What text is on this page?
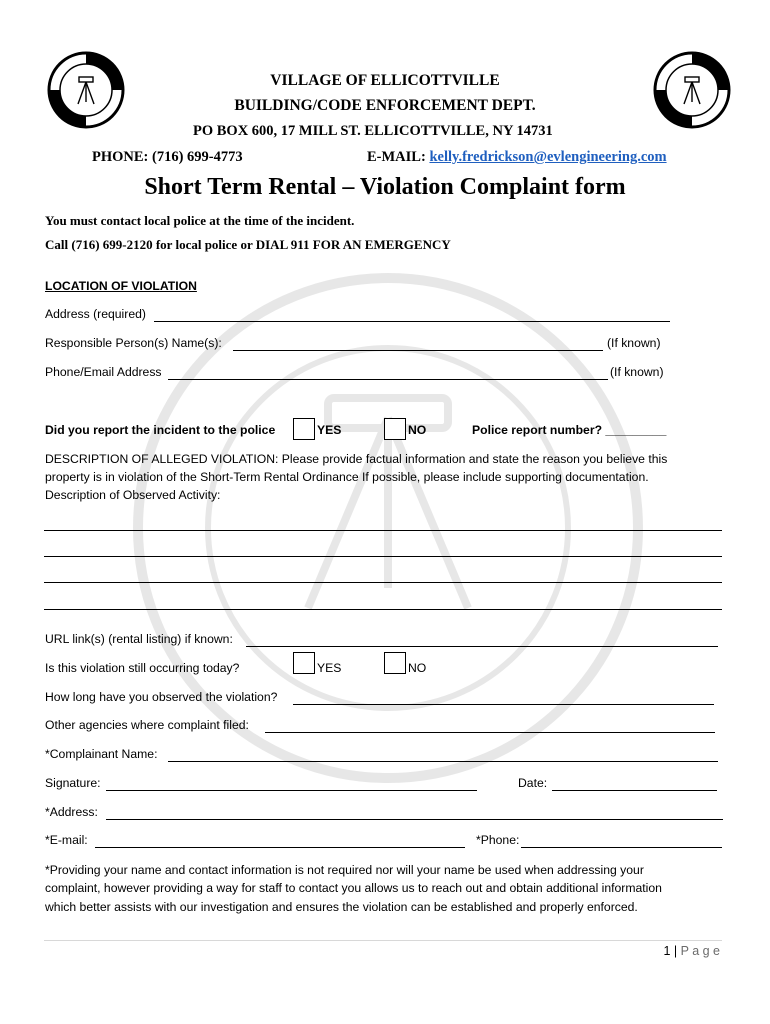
VILLAGE OF ELLICOTTVILLE
BUILDING/CODE ENFORCEMENT DEPT.
PO BOX 600, 17 MILL ST. ELLICOTTVILLE, NY 14731
PHONE: (716) 699-4773	E-MAIL: kelly.fredrickson@evlengineering.com
Short Term Rental – Violation Complaint form
You must contact local police at the time of the incident.
Call (716) 699-2120 for local police or DIAL 911 FOR AN EMERGENCY
LOCATION OF VIOLATION
Address (required)
Responsible Person(s) Name(s):	(If known)
Phone/Email Address	(If known)
Did you report the incident to the police	YES	NO	Police report number? _________
DESCRIPTION OF ALLEGED VIOLATION: Please provide factual information and state the reason you believe this
property is in violation of the Short-Term Rental Ordinance If possible, please include supporting documentation.
Description of Observed Activity:
URL link(s) (rental listing) if known:
Is this violation still occurring today?	YES	NO
How long have you observed the violation?
Other agencies where complaint filed:
*Complainant Name:
Signature:	Date:
*Address:
*E-mail:	*Phone:
*Providing your name and contact information is not required nor will your name be used when addressing your
complaint, however providing a way for staff to contact you allows us to reach out and obtain additional information
which better assists with our investigation and ensures the violation can be established and properly enforced.
1 | P a g e
